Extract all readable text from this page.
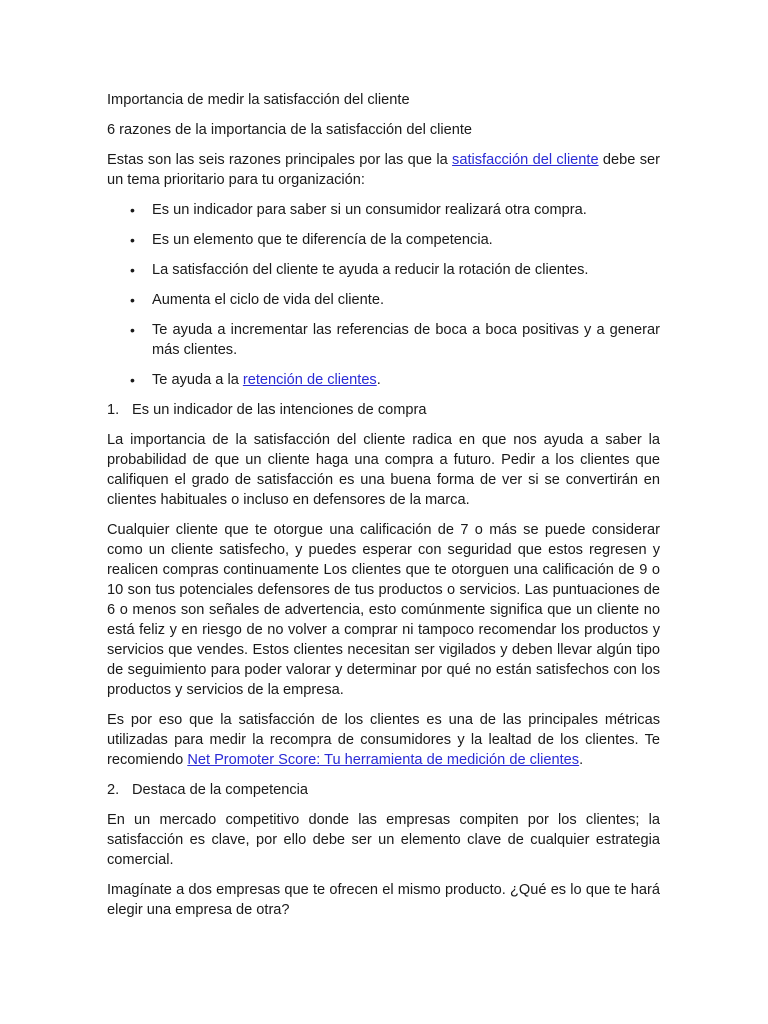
Importancia de medir la satisfacción del cliente

6 razones de la importancia de la satisfacción del cliente

Estas son las seis razones principales por las que la satisfacción del cliente debe ser un tema prioritario para tu organización:

• Es un indicador para saber si un consumidor realizará otra compra.
• Es un elemento que te diferencía de la competencia.
• La satisfacción del cliente te ayuda a reducir la rotación de clientes.
• Aumenta el ciclo de vida del cliente.
• Te ayuda a incrementar las referencias de boca a boca positivas y a generar más clientes.
• Te ayuda a la retención de clientes.
1. Es un indicador de las intenciones de compra

La importancia de la satisfacción del cliente radica en que nos ayuda a saber la probabilidad de que un cliente haga una compra a futuro. Pedir a los clientes que califiquen el grado de satisfacción es una buena forma de ver si se convertirán en clientes habituales o incluso en defensores de la marca.

Cualquier cliente que te otorgue una calificación de 7 o más se puede considerar como un cliente satisfecho, y puedes esperar con seguridad que estos regresen y realicen compras continuamente Los clientes que te otorguen una calificación de 9 o 10 son tus potenciales defensores de tus productos o servicios. Las puntuaciones de 6 o menos son señales de advertencia, esto comúnmente significa que un cliente no está feliz y en riesgo de no volver a comprar ni tampoco recomendar los productos y servicios que vendes. Estos clientes necesitan ser vigilados y deben llevar algún tipo de seguimiento para poder valorar y determinar por qué no están satisfechos con los productos y servicios de la empresa.

Es por eso que la satisfacción de los clientes es una de las principales métricas utilizadas para medir la recompra de consumidores y la lealtad de los clientes. Te recomiendo Net Promoter Score: Tu herramienta de medición de clientes.

2. Destaca de la competencia

En un mercado competitivo donde las empresas compiten por los clientes; la satisfacción es clave, por ello debe ser un elemento clave de cualquier estrategia comercial.

Imagínate a dos empresas que te ofrecen el mismo producto. ¿Qué es lo que te hará elegir una empresa de otra?
